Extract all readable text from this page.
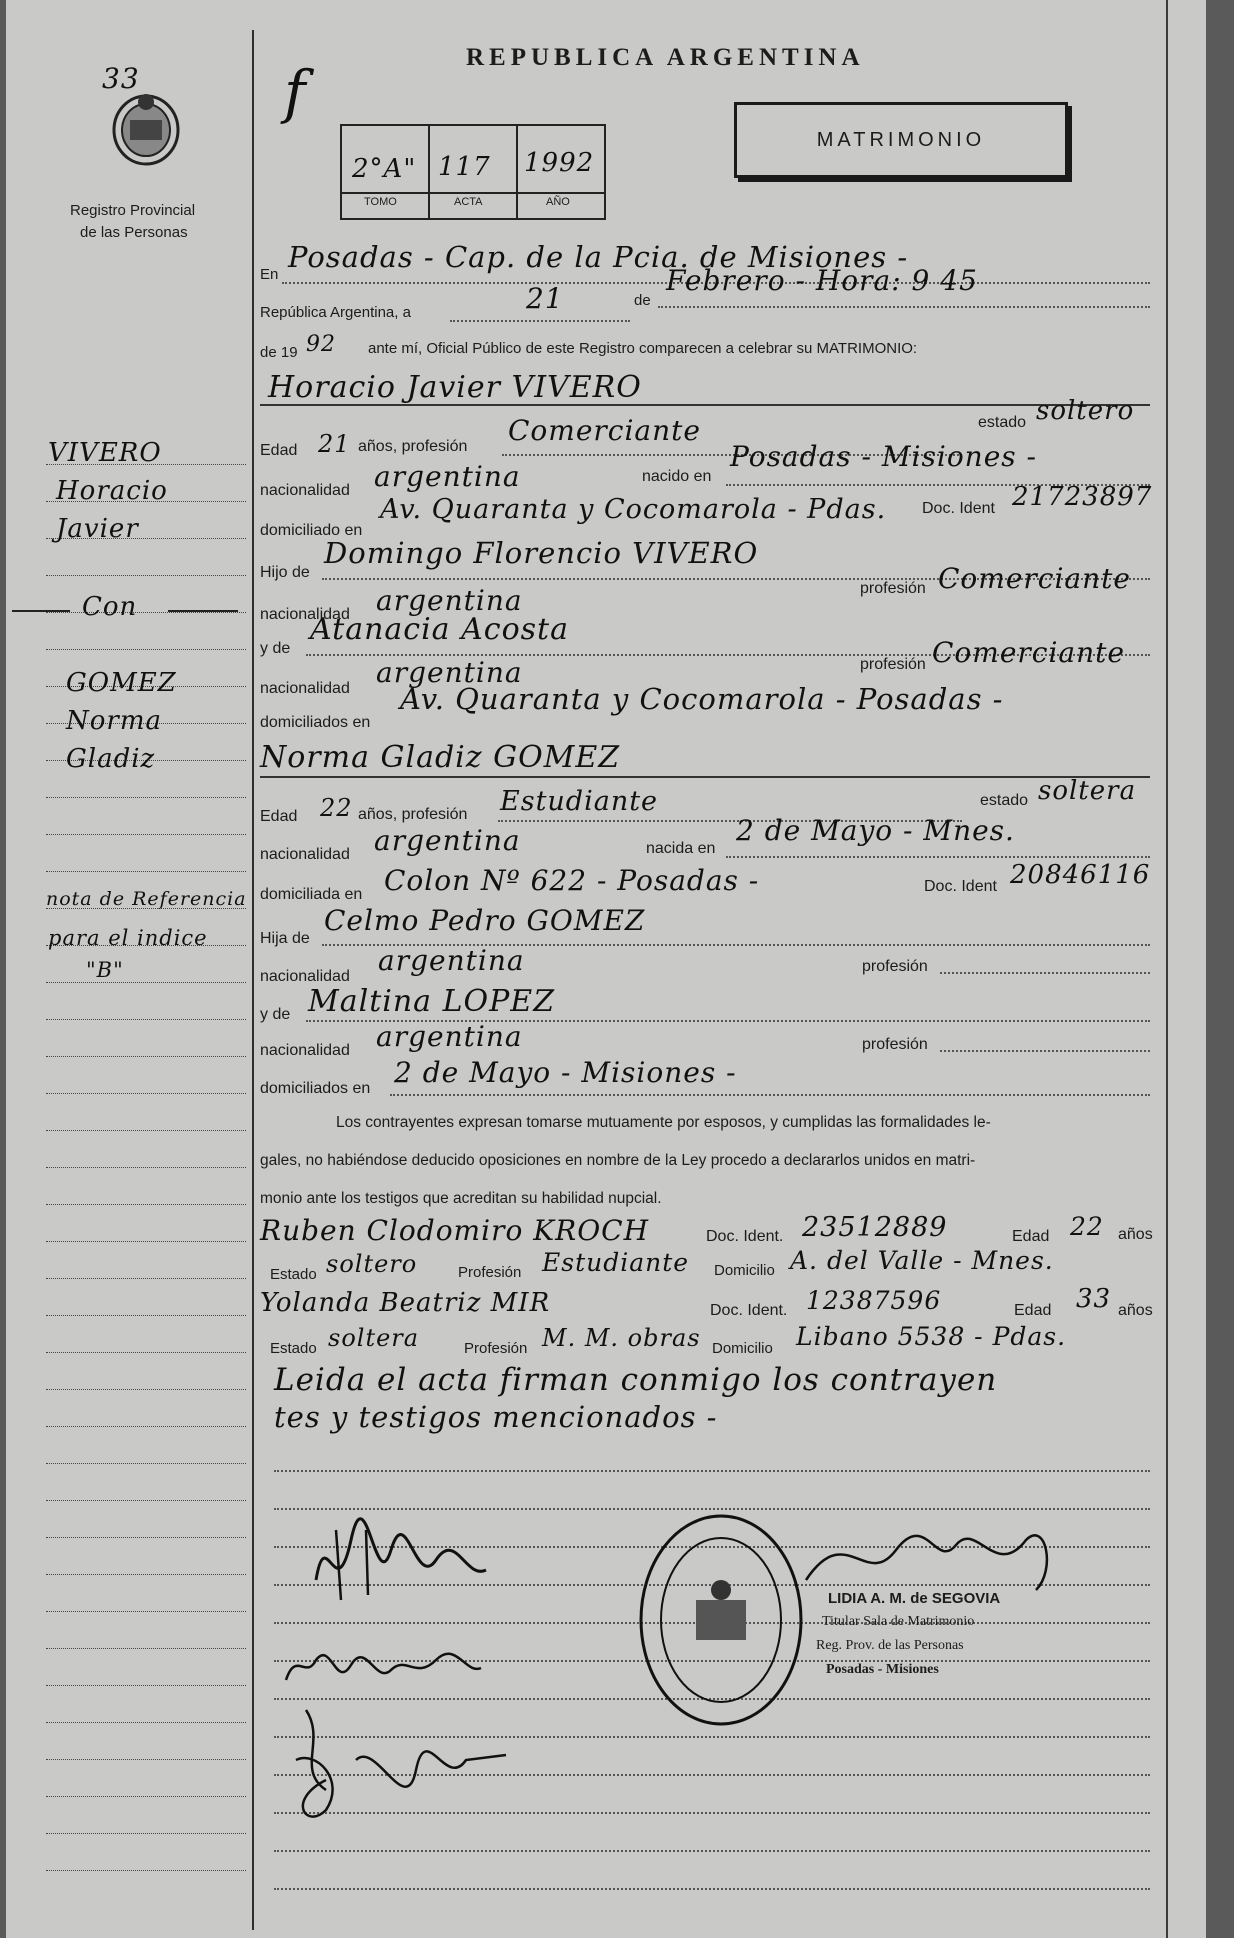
33
Registro Provincial
de las Personas
REPUBLICA ARGENTINA
MATRIMONIO
f
2°A" 117 1992
TOMO	ACTA	AÑO
VIVERO
Horacio
Javier
Con
GOMEZ
Norma
Gladiz
nota de Referencia
para el indice
"B"
En
Posadas - Cap. de la Pcia. de Misiones -
República Argentina, a	21	de
Febrero - Hora: 9 45
de 19 92 ante mí, Oficial Público de este Registro comparecen a celebrar su MATRIMONIO:
Horacio Javier VIVERO
Edad 21 años, profesión Comerciante	estado soltero
nacionalidad argentina	nacido en
Posadas - Misiones -
domiciliado en
Av. Quaranta y Cocomarola - Pdas. Doc. Ident 21723897
Hijo de
Domingo Florencio VIVERO
nacionalidad argentina	profesión Comerciante
y de
Atanacia Acosta
nacionalidad argentina	profesión Comerciante
domiciliados en
Av. Quaranta y Cocomarola - Posadas -
Norma Gladiz GOMEZ
Edad 22 años, profesión Estudiante	estado soltera
nacionalidad argentina	nacida en
2 de Mayo - Mnes.
domiciliada en Colon Nº 622 - Posadas -	Doc. Ident 20846116
Hija de
Celmo Pedro GOMEZ
nacionalidad argentina	profesión
y de Maltina LOPEZ
nacionalidad argentina	profesión
domiciliados en 2 de Mayo - Misiones -
Los contrayentes expresan tomarse mutuamente por esposos, y cumplidas las formalidades le-
gales, no habiéndose deducido oposiciones en nombre de la Ley procedo a declararlos unidos en matri-
monio ante los testigos que acreditan su habilidad nupcial.
Ruben Clodomiro KROCH	Doc. Ident. 23512889	Edad 22 años
Estado soltero	Profesión Estudiante Domicilio A. del Valle - Mnes.
Yolanda Beatriz MIR	Doc. Ident. 12387596	Edad 33 años
Estado soltera	Profesión M. M. obras Domicilio Libano 5538 - Pdas.
Leida el acta firman conmigo los contrayen
tes y testigos mencionados -
LIDIA A. M. de SEGOVIA
Titular Sala de Matrimonio
Reg. Prov. de las Personas
Posadas - Misiones
